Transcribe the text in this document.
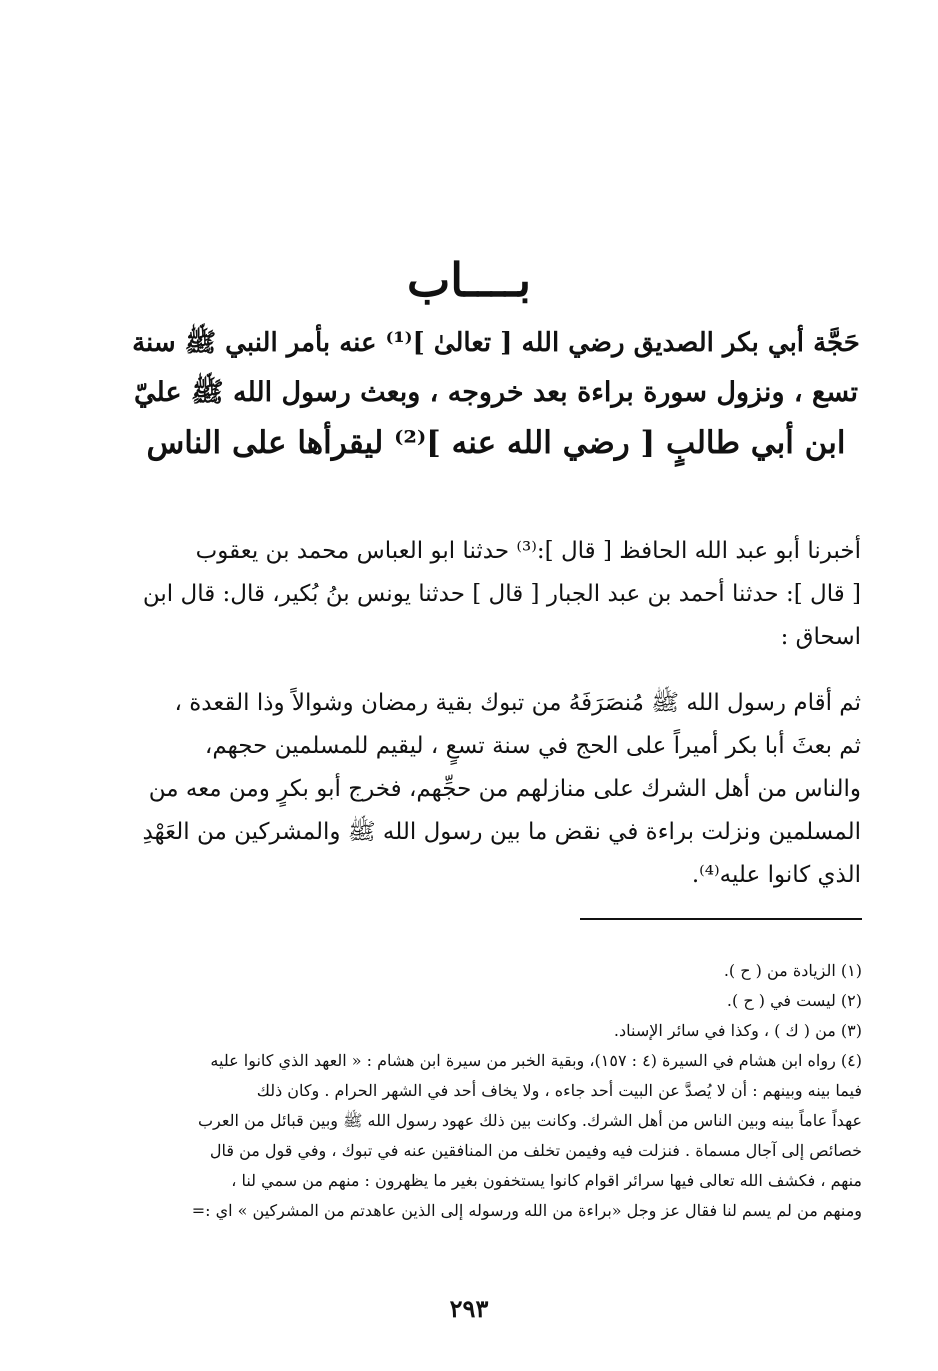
بــــاب
حَجَّة أبي بكر الصديق رضي الله [ تعالىٰ ]⁽¹⁾ عنه بأمر النبي ﷺ سنة
تسع ، ونزول سورة براءة بعد خروجه ، وبعث رسول الله ﷺ عليّ
ابن أبي طالبٍ [ رضي الله عنه ]⁽²⁾ ليقرأها على الناس
أخبرنا أبو عبد الله الحافظ [ قال ]:⁽³⁾ حدثنا ابو العباس محمد بن يعقوب
[ قال ]: حدثنا أحمد بن عبد الجبار [ قال ] حدثنا يونس بنُ بُكير، قال: قال ابن
اسحاق :
ثم أقام رسول الله ﷺ مُنصَرَفَهُ من تبوك بقية رمضان وشوالاً وذا القعدة ،
ثم بعثَ أبا بكر أميراً على الحج في سنة تسعٍ ، ليقيم للمسلمين حجهم،
والناس من أهل الشرك على منازلهم من حجِّهم، فخرج أبو بكرٍ ومن معه من
المسلمين ونزلت براءة في نقض ما بين رسول الله ﷺ والمشركين من العَهْدِ
الذي كانوا عليه⁽⁴⁾.
(١) الزيادة من ( ح ).
(٢) ليست في ( ح ).
(٣) من ( ك ) ، وكذا في سائر الإسناد.
(٤) رواه ابن هشام في السيرة (٤ : ١٥٧)، وبقية الخبر من سيرة ابن هشام : « العهد الذي كانوا عليه
فيما بينه وبينهم : أن لا يُصدَّ عن البيت أحد جاءه ، ولا يخاف أحد في الشهر الحرام . وكان ذلك
عهداً عاماً بينه وبين الناس من أهل الشرك. وكانت بين ذلك عهود رسول الله ﷺ وبين قبائل من العرب
خصائص إلى آجال مسماة . فنزلت فيه وفيمن تخلف من المنافقين عنه في تبوك ، وفي قول من قال
منهم ، فكشف الله تعالى فيها سرائر اقوام كانوا يستخفون بغير ما يظهرون : منهم من سمي لنا ،
ومنهم من لم يسم لنا فقال عز وجل «براءة من الله ورسوله إلى الذين عاهدتم من المشركين » اي :=
٢٩٣
